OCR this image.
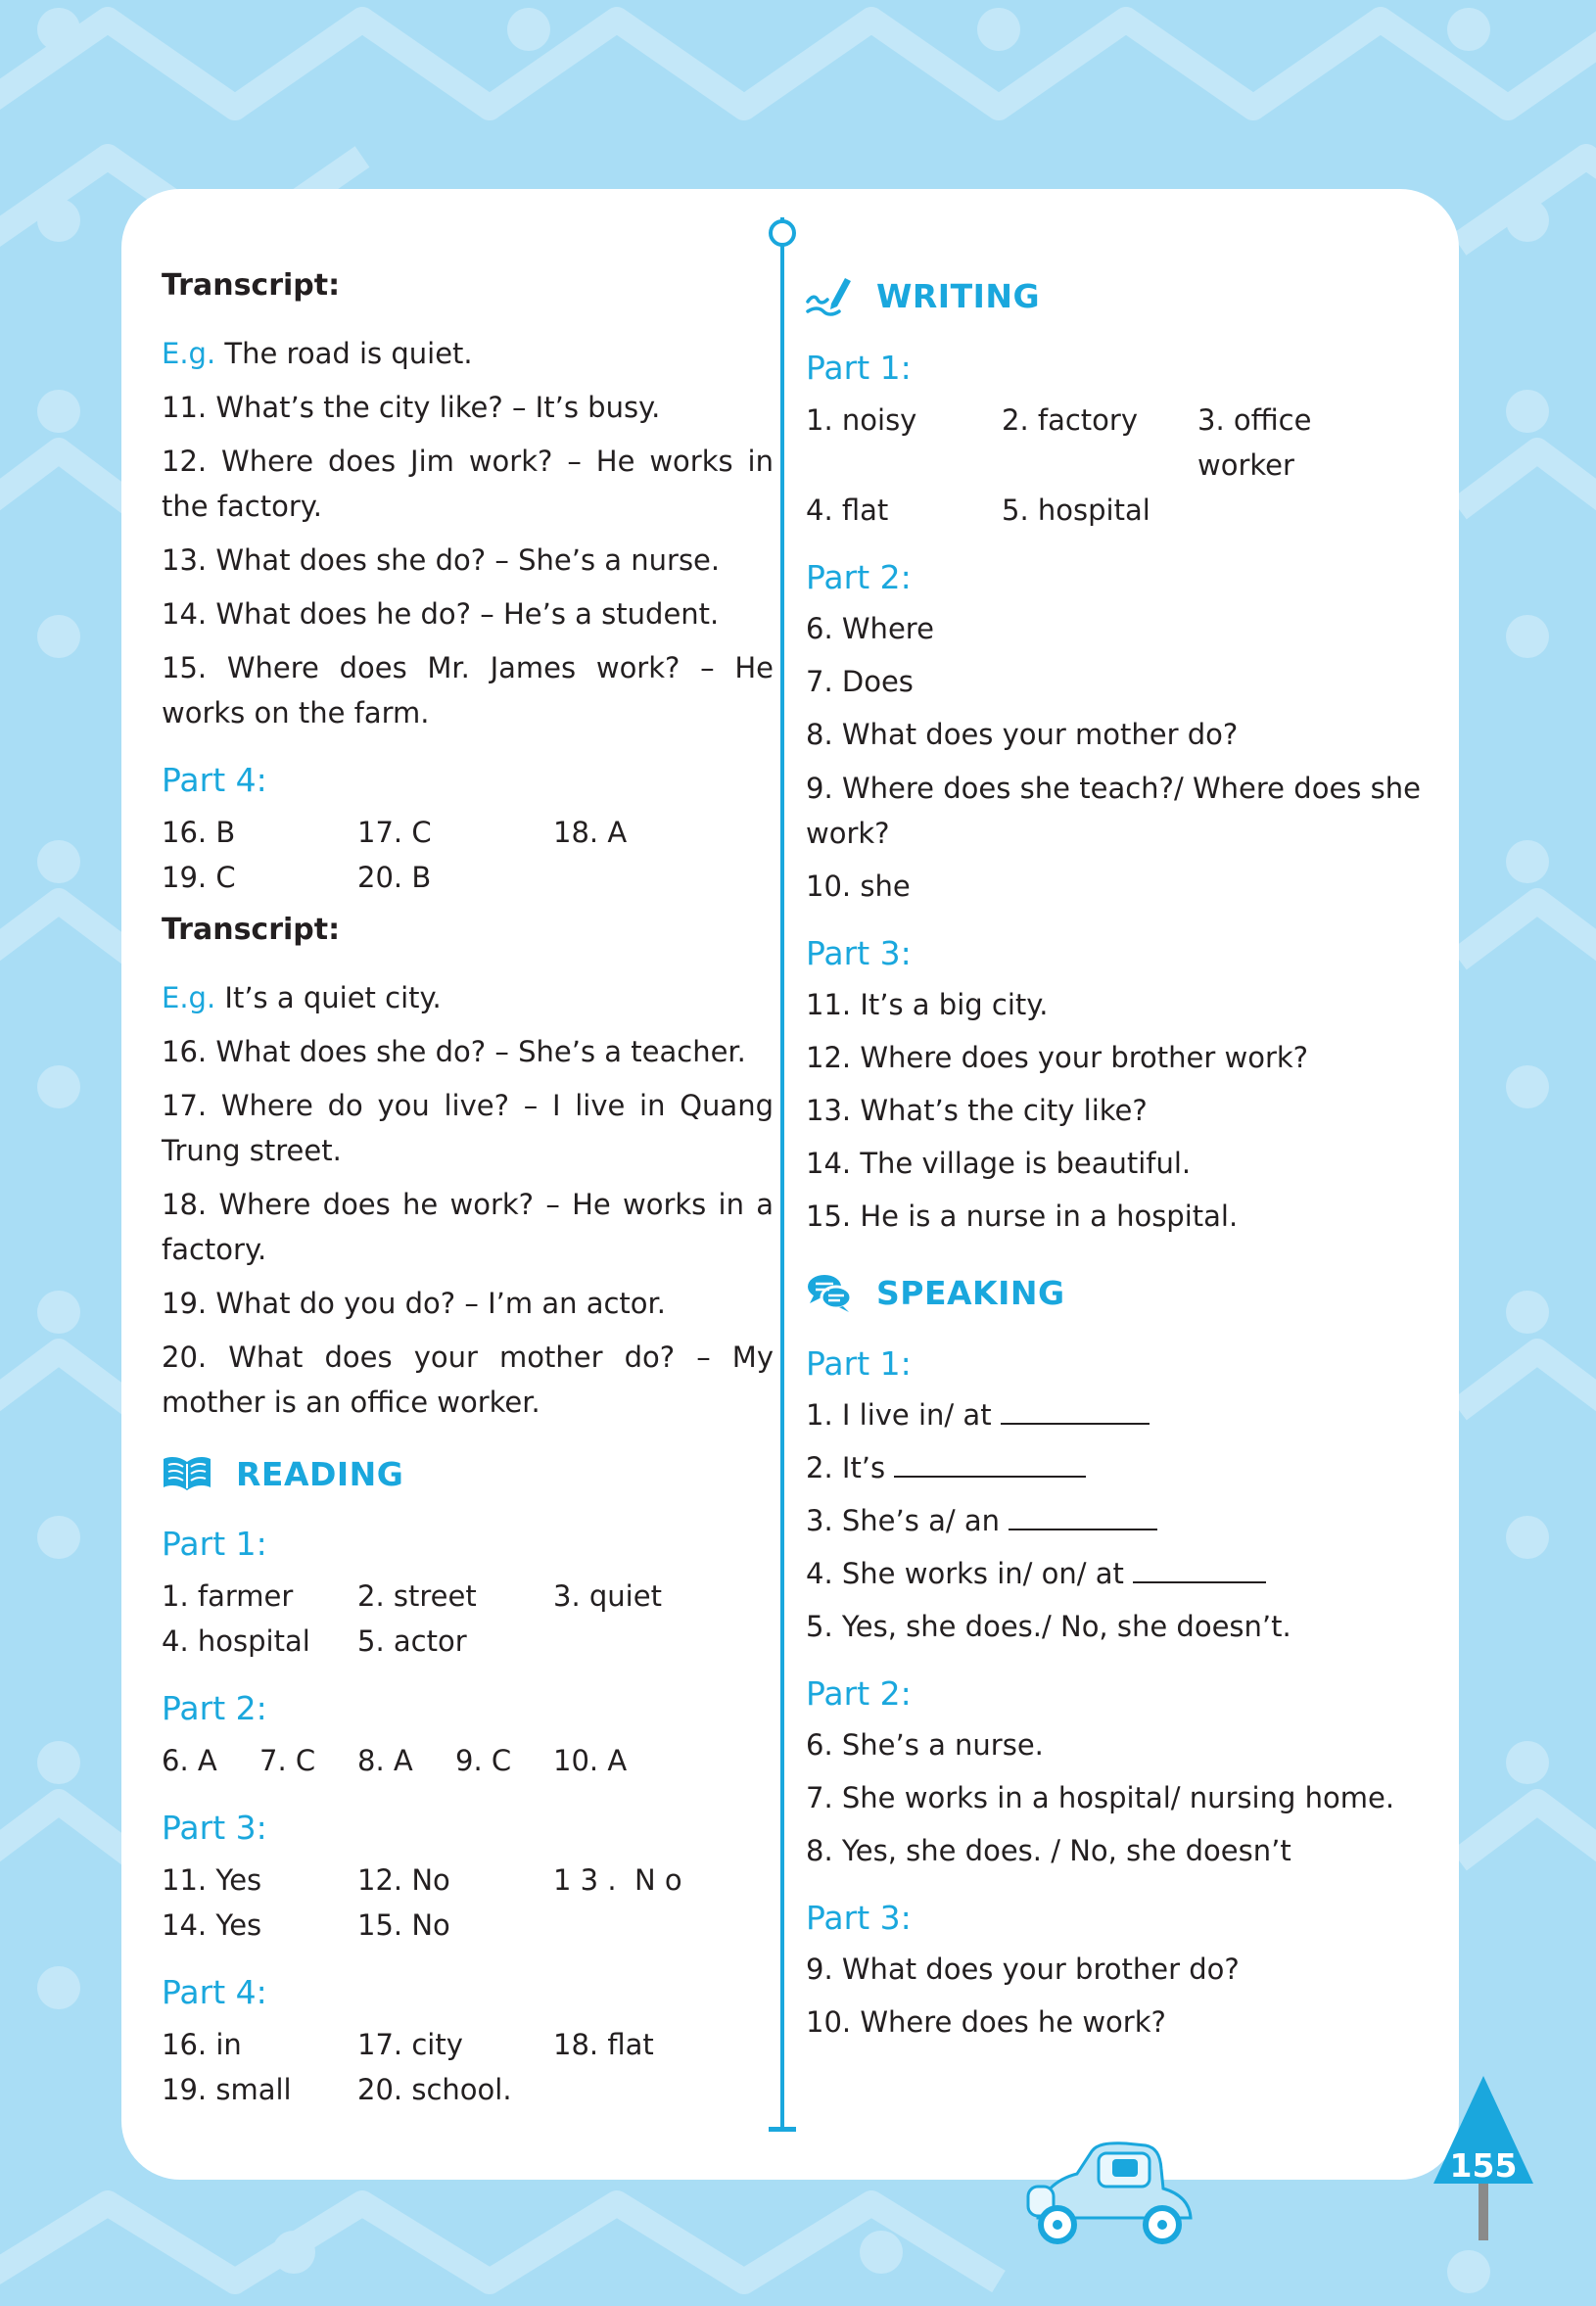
Transcript:
E.g. The road is quiet.
11. What’s the city like? – It’s busy.
12. Where does Jim work? – He works in the factory.
13. What does she do? – She’s a nurse.
14. What does he do? – He’s a student.
15. Where does Mr. James work? – He works on the farm.
Part 4:
16. B	17. C	18. A
19. C	20. B
Transcript:
E.g. It’s a quiet city.
16. What does she do? – She’s a teacher.
17. Where do you live? – I live in Quang Trung street.
18. Where does he work? – He works in a factory.
19. What do you do? – I’m an actor.
20. What does your mother do? – My mother is an office worker.
READING
Part 1:
1. farmer	2. street	3. quiet
4. hospital	5. actor
Part 2:
6. A	7. C	8. A	9. C	10. A
Part 3:
11. Yes	12. No	1 3 .  N o
14. Yes	15. No
Part 4:
16. in	17. city	18. flat
19. small	20. school.
WRITING
Part 1:
1. noisy	2. factory	3. office worker
4. flat	5. hospital
Part 2:
6. Where
7. Does
8. What does your mother do?
9. Where does she teach?/ Where does she work?
10. she
Part 3:
11. It’s a big city.
12. Where does your brother work?
13. What’s the city like?
14. The village is beautiful.
15. He is a nurse in a hospital.
SPEAKING
Part 1:
1. I live in/ at
2. It’s
3. She’s a/ an
4. She works in/ on/ at
5. Yes, she does./ No, she doesn’t.
Part 2:
6. She’s a nurse.
7. She works in a hospital/ nursing home.
8. Yes, she does. / No, she doesn’t
Part 3:
9. What does your brother do?
10. Where does he work?
155
